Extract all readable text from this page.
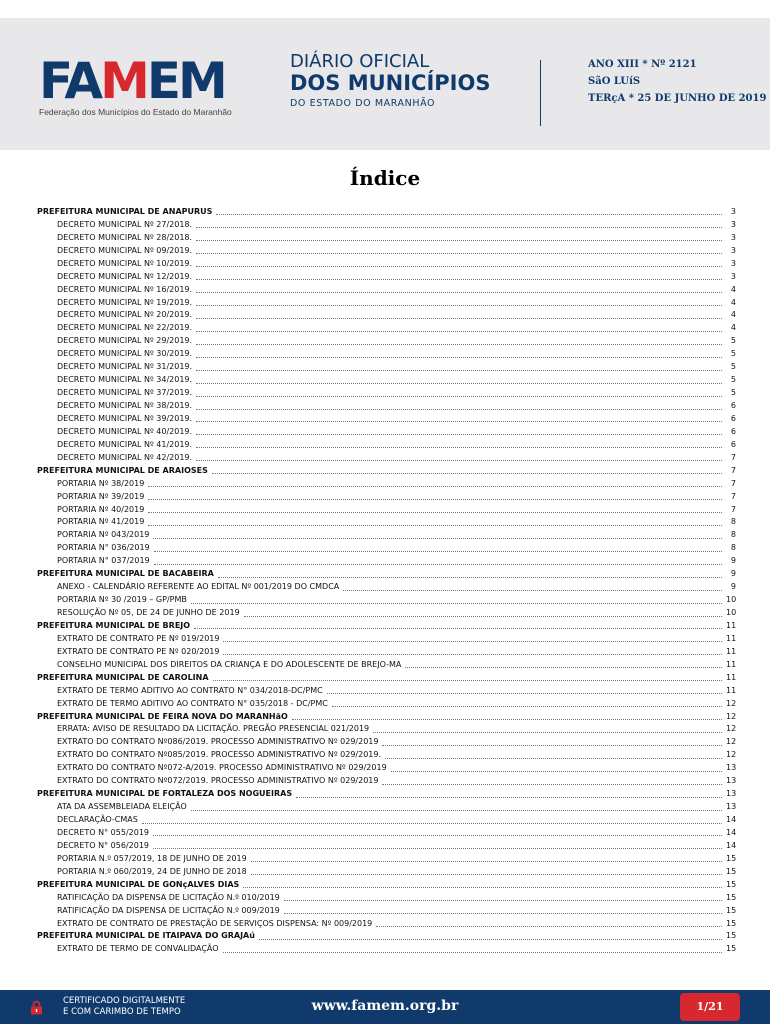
FAMEM
Federação dos Municípios do Estado do Maranhão
DIÁRIO OFICIAL
DOS MUNICÍPIOS
DO ESTADO DO MARANHÃO
ANO XIII * Nº 2121
SãO LUíS
TERçA * 25 DE JUNHO DE 2019
Índice
PREFEITURA MUNICIPAL DE ANAPURUS	3
DECRETO MUNICIPAL Nº 27/2018.	3
DECRETO MUNICIPAL Nº 28/2018.	3
DECRETO MUNICIPAL Nº 09/2019.	3
DECRETO MUNICIPAL Nº 10/2019.	3
DECRETO MUNICIPAL Nº 12/2019.	3
DECRETO MUNICIPAL Nº 16/2019.	4
DECRETO MUNICIPAL Nº 19/2019.	4
DECRETO MUNICIPAL Nº 20/2019.	4
DECRETO MUNICIPAL Nº 22/2019.	4
DECRETO MUNICIPAL Nº 29/2019.	5
DECRETO MUNICIPAL Nº 30/2019.	5
DECRETO MUNICIPAL Nº 31/2019.	5
DECRETO MUNICIPAL Nº 34/2019.	5
DECRETO MUNICIPAL Nº 37/2019.	5
DECRETO MUNICIPAL Nº 38/2019.	6
DECRETO MUNICIPAL Nº 39/2019.	6
DECRETO MUNICIPAL Nº 40/2019.	6
DECRETO MUNICIPAL Nº 41/2019.	6
DECRETO MUNICIPAL Nº 42/2019.	7
PREFEITURA MUNICIPAL DE ARAIOSES	7
PORTARIA Nº 38/2019	7
PORTARIA Nº 39/2019	7
PORTARIA Nº 40/2019	7
PORTARIA Nº 41/2019	8
PORTARIA Nº 043/2019	8
PORTARIA N° 036/2019	8
PORTARIA N° 037/2019	9
PREFEITURA MUNICIPAL DE BACABEIRA	9
ANEXO - CALENDÁRIO REFERENTE AO EDITAL Nº 001/2019 DO CMDCA	9
PORTARIA Nº 30 /2019 – GP/PMB	10
RESOLUÇÃO Nº 05, DE 24 DE JUNHO DE 2019	10
PREFEITURA MUNICIPAL DE BREJO	11
EXTRATO DE CONTRATO PE Nº 019/2019	11
EXTRATO DE CONTRATO PE Nº 020/2019	11
CONSELHO MUNICIPAL DOS DIREITOS DA CRIANÇA E DO ADOLESCENTE DE BREJO-MA	11
PREFEITURA MUNICIPAL DE CAROLINA	11
EXTRATO DE TERMO ADITIVO AO CONTRATO N° 034/2018-DC/PMC	11
EXTRATO DE TERMO ADITIVO AO CONTRATO N° 035/2018 - DC/PMC	12
PREFEITURA MUNICIPAL DE FEIRA NOVA DO MARANHãO	12
ERRATA: AVISO DE RESULTADO DA LICITAÇÃO. PREGÃO PRESENCIAL 021/2019	12
EXTRATO DO CONTRATO Nº086/2019. PROCESSO ADMINISTRATIVO Nº 029/2019	12
EXTRATO DO CONTRATO Nº085/2019. PROCESSO ADMINISTRATIVO Nº 029/2019.	12
EXTRATO DO CONTRATO Nº072-A/2019. PROCESSO ADMINISTRATIVO Nº 029/2019	13
EXTRATO DO CONTRATO Nº072/2019. PROCESSO ADMINISTRATIVO Nº 029/2019	13
PREFEITURA MUNICIPAL DE FORTALEZA DOS NOGUEIRAS	13
ATA DA ASSEMBLEIADA ELEIÇÃO	13
DECLARAÇÃO-CMAS	14
DECRETO N° 055/2019	14
DECRETO N° 056/2019	14
PORTARIA N.º 057/2019, 18 DE JUNHO DE 2019	15
PORTARIA N.º 060/2019, 24 DE JUNHO DE 2018	15
PREFEITURA MUNICIPAL DE GONçALVES DIAS	15
RATIFICAÇÃO DA DISPENSA DE LICITAÇÃO N.º 010/2019	15
RATIFICAÇÃO DA DISPENSA DE LICITAÇÃO N.º 009/2019	15
EXTRATO DE CONTRATO DE PRESTAÇÃO DE SERVIÇOS DISPENSA: Nº 009/2019	15
PREFEITURA MUNICIPAL DE ITAIPAVA DO GRAJAú	15
EXTRATO DE TERMO DE CONVALIDAÇÃO	15
CERTIFICADO DIGITALMENTE
E COM CARIMBO DE TEMPO	www.famem.org.br	1/21
